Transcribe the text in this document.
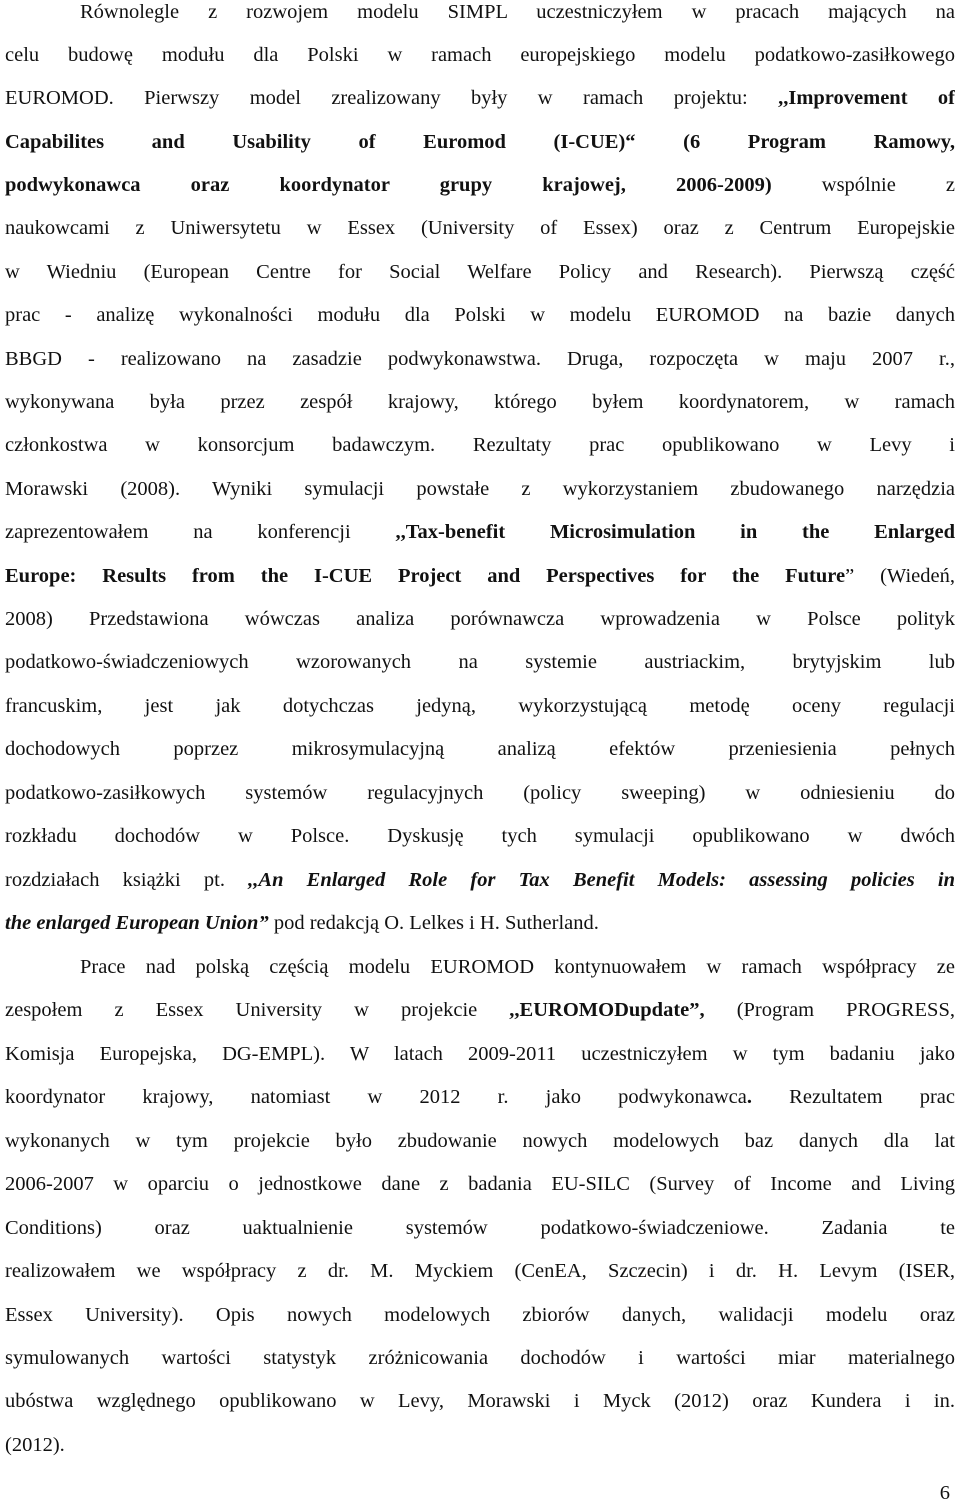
Równolegle z rozwojem modelu SIMPL uczestniczyłem w pracach mających na
celu budowę modułu dla Polski w ramach europejskiego modelu podatkowo-zasiłkowego
EUROMOD. Pierwszy model zrealizowany były w ramach projektu: ,,Improvement of
Capabilites and Usability of Euromod (I-CUE)“ (6 Program Ramowy,
podwykonawca oraz koordynator grupy krajowej, 2006-2009) wspólnie z
naukowcami z Uniwersytetu w Essex (University of Essex) oraz z Centrum Europejskie
w Wiedniu (European Centre for Social Welfare Policy and Research). Pierwszą część
prac - analizę wykonalności modułu dla Polski w modelu EUROMOD na bazie danych
BBGD - realizowano na zasadzie podwykonawstwa. Druga, rozpoczęta w maju 2007 r.,
wykonywana była przez zespół krajowy, którego byłem koordynatorem, w ramach
członkostwa w konsorcjum badawczym. Rezultaty prac opublikowano w Levy i
Morawski (2008). Wyniki symulacji powstałe z wykorzystaniem zbudowanego narzędzia
zaprezentowałem na konferencji ,,Tax-benefit Microsimulation in the Enlarged
Europe: Results from the I-CUE Project and Perspectives for the Future” (Wiedeń,
2008) Przedstawiona wówczas analiza porównawcza wprowadzenia w Polsce polityk
podatkowo-świadczeniowych wzorowanych na systemie austriackim, brytyjskim lub
francuskim, jest jak dotychczas jedyną, wykorzystującą metodę oceny regulacji
dochodowych poprzez mikrosymulacyjną analizą efektów przeniesienia pełnych
podatkowo-zasiłkowych systemów regulacyjnych (policy sweeping) w odniesieniu do
rozkładu dochodów w Polsce. Dyskusję tych symulacji opublikowano w dwóch
rozdziałach książki pt. ,,An Enlarged Role for Tax Benefit Models: assessing policies in
the enlarged European Union” pod redakcją O. Lelkes i H. Sutherland.
Prace nad polską częścią modelu EUROMOD kontynuowałem w ramach współpracy ze
zespołem z Essex University w projekcie ,,EUROMODupdate”, (Program PROGRESS,
Komisja Europejska, DG-EMPL). W latach 2009-2011 uczestniczyłem w tym badaniu jako
koordynator krajowy, natomiast w 2012 r. jako podwykonawca. Rezultatem prac
wykonanych w tym projekcie było zbudowanie nowych modelowych baz danych dla lat
2006-2007 w oparciu o jednostkowe dane z badania EU-SILC (Survey of Income and Living
Conditions) oraz uaktualnienie systemów podatkowo-świadczeniowe. Zadania te
realizowałem we współpracy z dr. M. Myckiem (CenEA, Szczecin) i dr. H. Levym (ISER,
Essex University). Opis nowych modelowych zbiorów danych, walidacji modelu oraz
symulowanych wartości statystyk zróżnicowania dochodów i wartości miar materialnego
ubóstwa względnego opublikowano w Levy, Morawski i Myck (2012) oraz Kundera i in.
(2012).
6
